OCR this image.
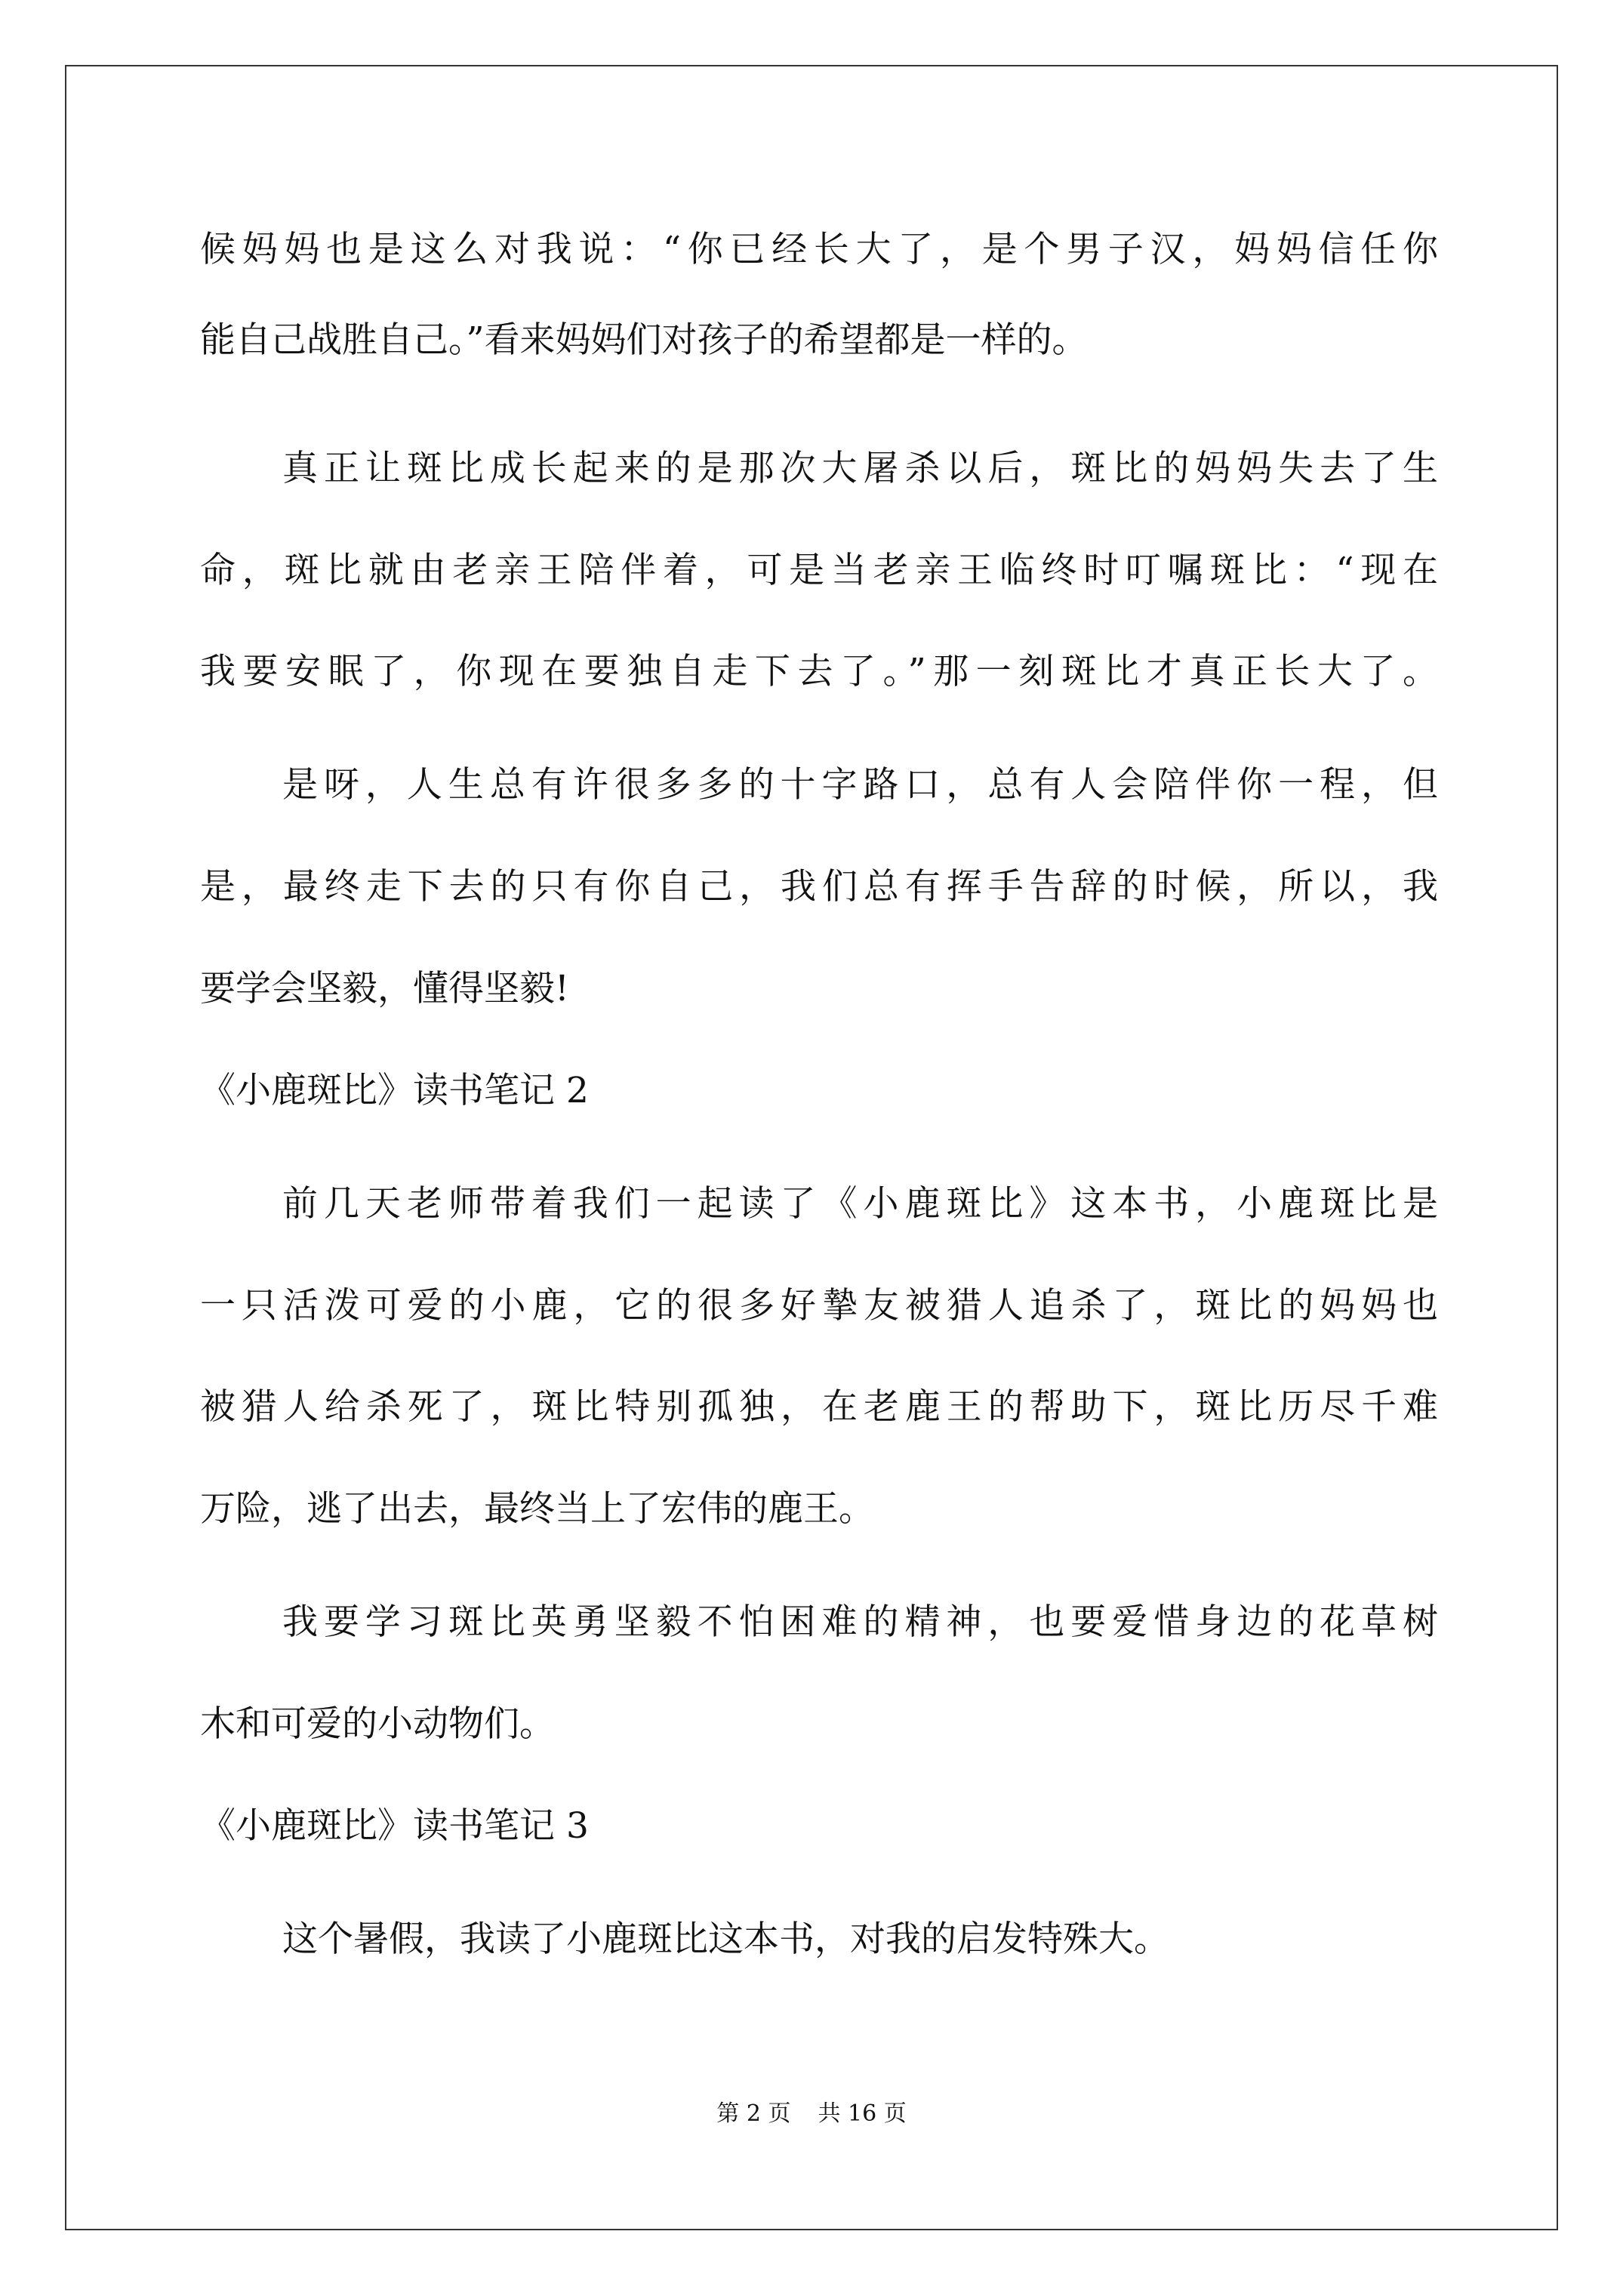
候妈妈也是这么对我说：“你已经长大了，是个男子汉，妈妈信任你
能自己战胜自己。”看来妈妈们对孩子的希望都是一样的。
真正让斑比成长起来的是那次大屠杀以后，斑比的妈妈失去了生
命，斑比就由老亲王陪伴着，可是当老亲王临终时叮嘱斑比：“现在
我要安眠了，你现在要独自走下去了。”那一刻斑比才真正长大了。
是呀，人生总有许很多多的十字路口，总有人会陪伴你一程，但
是，最终走下去的只有你自己，我们总有挥手告辞的时候，所以，我
要学会坚毅，懂得坚毅!
《小鹿斑比》读书笔记 2
前几天老师带着我们一起读了《小鹿斑比》这本书，小鹿斑比是
一只活泼可爱的小鹿，它的很多好摯友被猎人追杀了，斑比的妈妈也
被猎人给杀死了，斑比特别孤独，在老鹿王的帮助下，斑比历尽千难
万险，逃了出去，最终当上了宏伟的鹿王。
我要学习斑比英勇坚毅不怕困难的精神，也要爱惜身边的花草树
木和可爱的小动物们。
《小鹿斑比》读书笔记 3
这个暑假，我读了小鹿斑比这本书，对我的启发特殊大。
第 2 页 共 16 页
